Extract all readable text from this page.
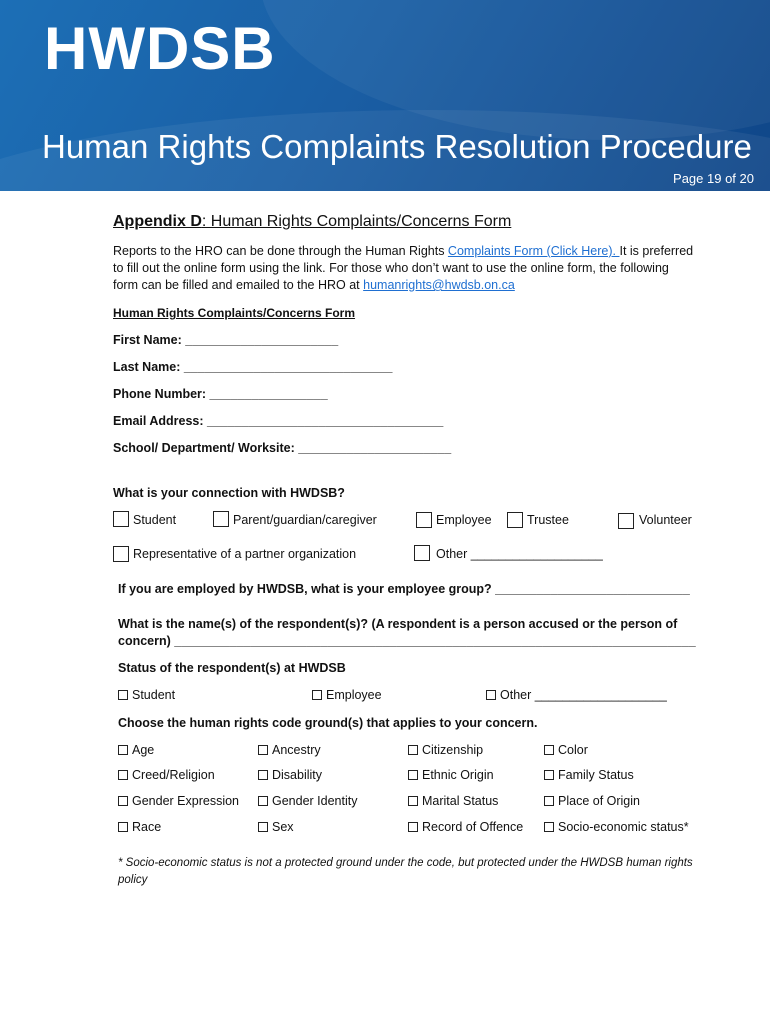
HWDSB
Human Rights Complaints Resolution Procedure
Page 19 of 20
Appendix D: Human Rights Complaints/Concerns Form
Reports to the HRO can be done through the Human Rights Complaints Form (Click Here). It is preferred
to fill out the online form using the link. For those who don’t want to use the online form, the following
form can be filled and emailed to the HRO at humanrights@hwdsb.on.ca
Human Rights Complaints/Concerns Form
First Name: ______________________
Last Name: ______________________________
Phone Number: _________________
Email Address: __________________________________
School/ Department/ Worksite: ______________________
What is your connection with HWDSB?
Student	Parent/guardian/caregiver	Employee	Trustee	Volunteer
Representative of a partner organization	Other ___________________
If you are employed by HWDSB, what is your employee group? ____________________________
What is the name(s) of the respondent(s)? (A respondent is a person accused or the person of
concern) ___________________________________________________________________________
Status of the respondent(s) at HWDSB
Student	Employee	Other ___________________
Choose the human rights code ground(s) that applies to your concern.
Age	Ancestry	Citizenship	Color
Creed/Religion	Disability	Ethnic Origin	Family Status
Gender Expression	Gender Identity	Marital Status	Place of Origin
Race	Sex	Record of Offence	Socio-economic status*
* Socio-economic status is not a protected ground under the code, but protected under the HWDSB human rights policy
